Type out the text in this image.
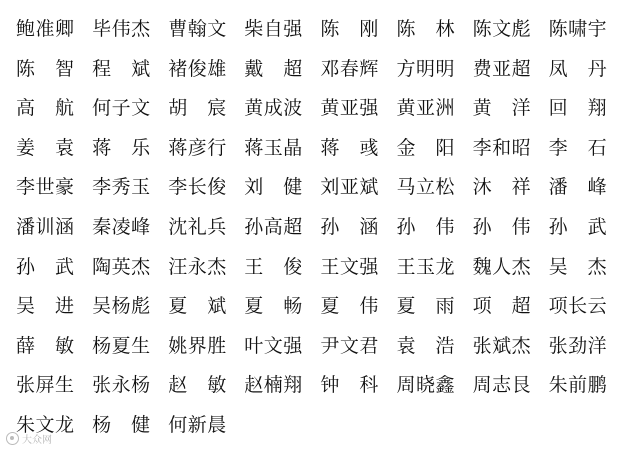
鲍准卿 毕伟杰 曹翰文 柴自强 陈　刚 陈　林 陈文彪 陈啸宇
陈　智 程　斌 褚俊雄 戴　超 邓春辉 方明明 费亚超 凤　丹
高　航 何子文 胡　宸 黄成波 黄亚强 黄亚洲 黄　洋 回　翔
姜　袁 蒋　乐 蒋彦行 蒋玉晶 蒋　彧 金　阳 李和昭 李　石
李世豪 李秀玉 李长俊 刘　健 刘亚斌 马立松 沐　祥 潘　峰
潘训涵 秦凌峰 沈礼兵 孙高超 孙　涵 孙　伟 孙　伟 孙　武
孙　武 陶英杰 汪永杰 王　俊 王文强 王玉龙 魏人杰 吴　杰
吴　进 吴杨彪 夏　斌 夏　畅 夏　伟 夏　雨 项　超 项长云
薛　敏 杨夏生 姚界胜 叶文强 尹文君 袁　浩 张斌杰 张劲洋
张屏生 张永杨 赵　敏 赵楠翔 钟　科 周晓鑫 周志艮 朱前鹏
朱文龙 杨　健 何新晨
大众网
